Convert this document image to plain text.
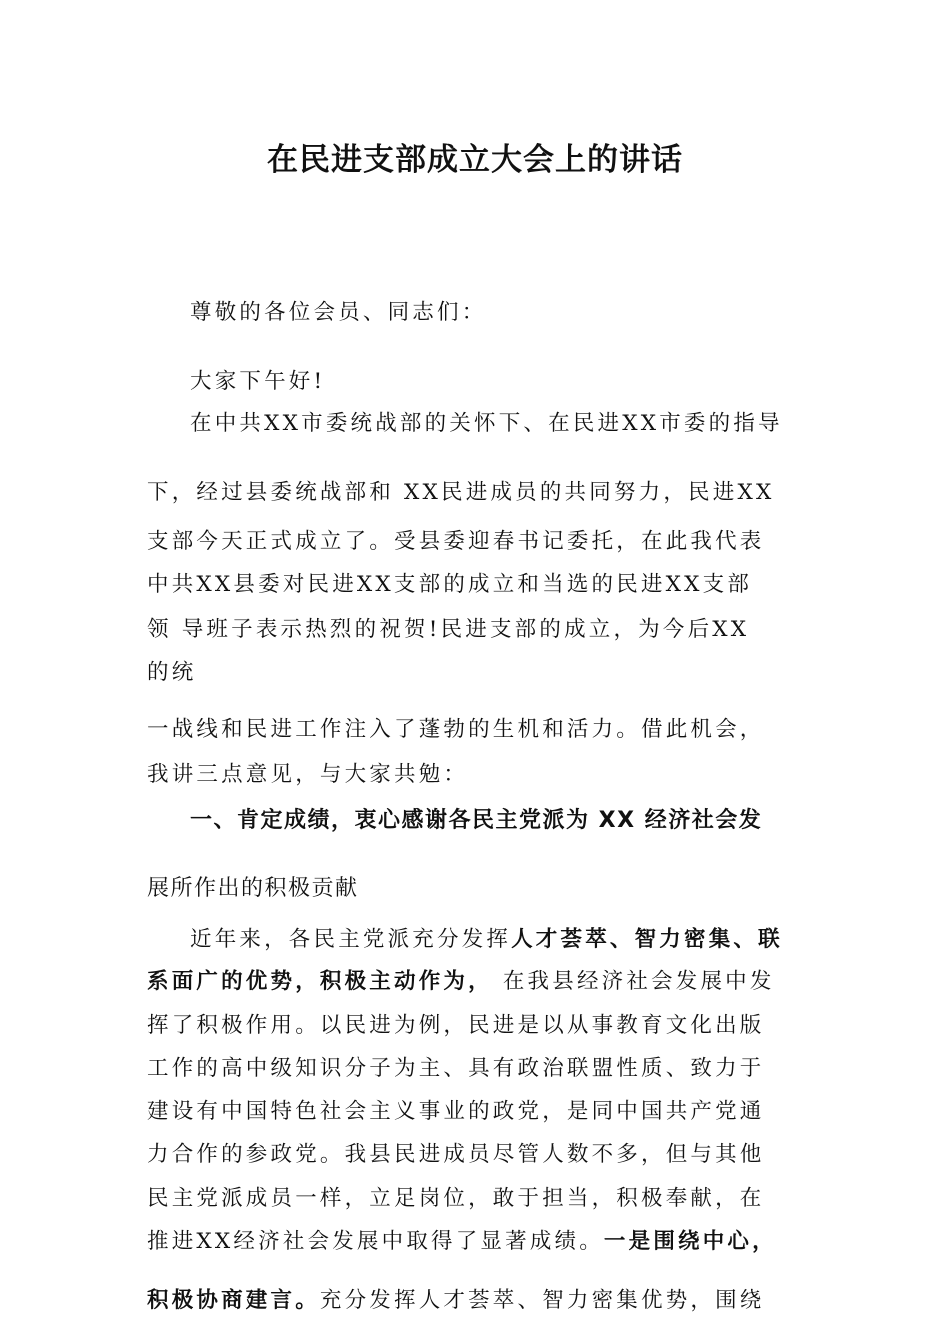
在民进支部成立大会上的讲话
尊敬的各位会员、同志们：
大家下午好!
在中共XX市委统战部的关怀下、在民进XX市委的指导
下，经过县委统战部和 XX民进成员的共同努力，民进XX
支部今天正式成立了。受县委迎春书记委托，在此我代表
中共XX县委对民进XX支部的成立和当选的民进XX支部
领 导班子表示热烈的祝贺!民进支部的成立，为今后XX
的统
一战线和民进工作注入了蓬勃的生机和活力。借此机会，
我讲三点意见，与大家共勉：
一、肯定成绩，衷心感谢各民主党派为 XX 经济社会发
展所作出的积极贡献
近年来，各民主党派充分发挥人才荟萃、智力密集、联
系面广的优势，积极主动作为， 在我县经济社会发展中发
挥了积极作用。以民进为例，民进是以从事教育文化出版
工作的高中级知识分子为主、具有政治联盟性质、致力于
建设有中国特色社会主义事业的政党，是同中国共产党通
力合作的参政党。我县民进成员尽管人数不多，但与其他
民主党派成员一样，立足岗位，敢于担当，积极奉献，在
推进XX经济社会发展中取得了显著成绩。一是围绕中心，
积极协商建言。充分发挥人才荟萃、智力密集优势，围绕
